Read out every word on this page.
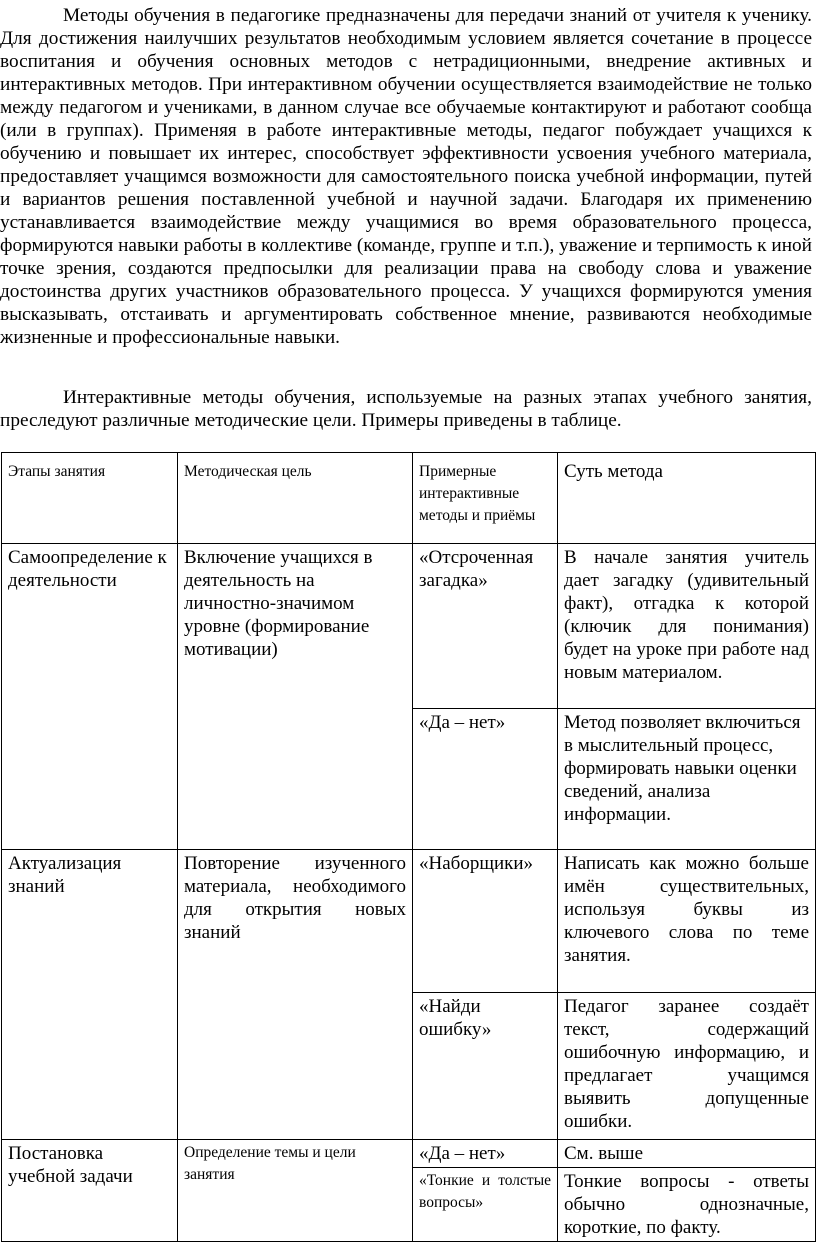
Методы обучения в педагогике предназначены для передачи знаний от учителя к ученику. Для достижения наилучших результатов необходимым условием является сочетание в процессе воспитания и обучения основных методов с нетрадиционными, внедрение активных и интерактивных методов. При интерактивном обучении осуществляется взаимодействие не только между педагогом и учениками, в данном случае все обучаемые контактируют и работают сообща (или в группах). Применяя в работе интерактивные методы, педагог побуждает учащихся к обучению и повышает их интерес, способствует эффективности усвоения учебного материала, предоставляет учащимся возможности для самостоятельного поиска учебной информации, путей и вариантов решения поставленной учебной и научной задачи. Благодаря их применению устанавливается взаимодействие между учащимися во время образовательного процесса, формируются навыки работы в коллективе (команде, группе и т.п.), уважение и терпимость к иной точке зрения, создаются предпосылки для реализации права на свободу слова и уважение достоинства других участников образовательного процесса. У учащихся формируются умения высказывать, отстаивать и аргументировать собственное мнение, развиваются необходимые жизненные и профессиональные навыки.

Интерактивные методы обучения, используемые на разных этапах учебного занятия, преследуют различные методические цели. Примеры приведены в таблице.

Этапы занятия	Методическая цель	Примерные интерактивные методы и приёмы	Суть метода
Самоопределение к деятельности	Включение учащихся в деятельность на личностно-значимом уровне (формирование мотивации)	«Отсроченная загадка»	В начале занятия учитель дает загадку (удивительный факт), отгадка к которой (ключик для понимания) будет на уроке при работе над новым материалом.
		«Да – нет»	Метод позволяет включиться в мыслительный процесс, формировать навыки оценки сведений, анализа информации.
Актуализация знаний	Повторение изученного материала, необходимого для открытия новых знаний	«Наборщики»	Написать как можно больше имён существительных, используя буквы из ключевого слова по теме занятия.
		«Найди ошибку»	Педагог заранее создаёт текст, содержащий ошибочную информацию, и предлагает учащимся выявить допущенные ошибки.
Постановка учебной задачи	Определение темы и цели занятия	«Да – нет»	См. выше
		«Тонкие и толстые вопросы»	Тонкие вопросы - ответы обычно однозначные, короткие, по факту.
